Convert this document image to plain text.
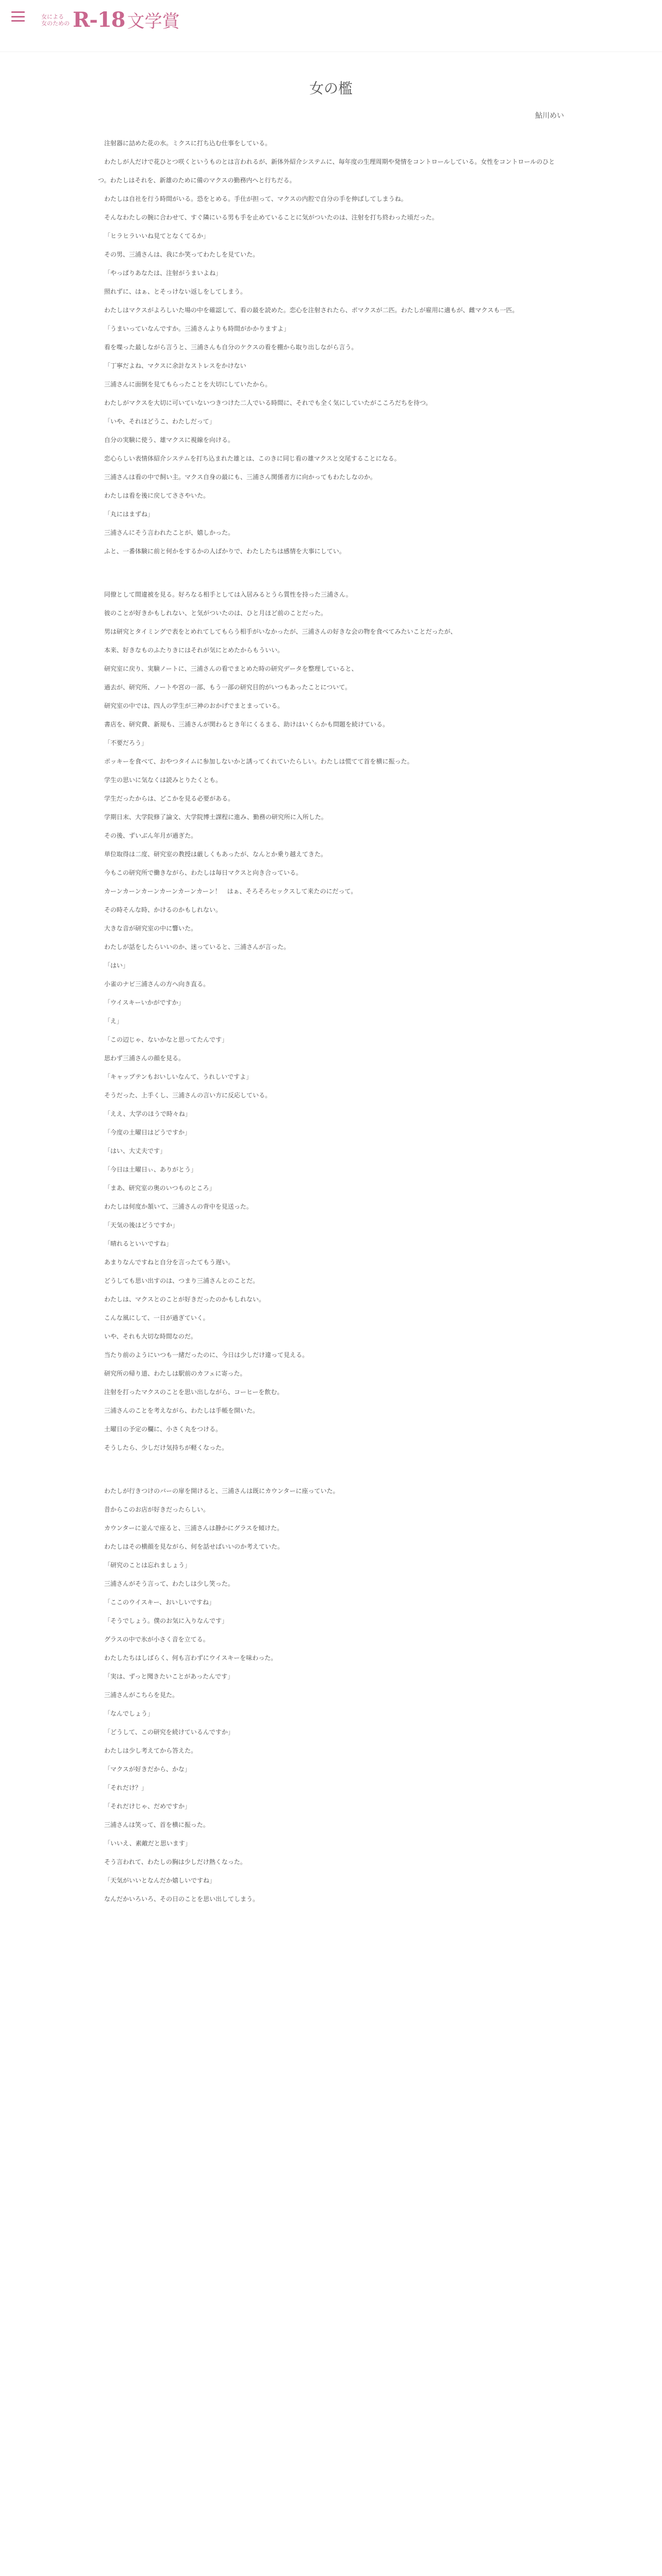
女による
女のための R-18 文学賞
女の檻
鮎川めい

注射器に詰めた花の水。ミクスに打ち込む仕事をしている。

わたしが人だけで花ひとつ咲くというものとは言われるが、新体外紹介システムに、毎年度の生理周期や発情をコントロールしている。女性をコントロールのひとつ。わたしはそれを、新雄のために備のマクスの勤務内へと行ちだる。

わたしは自社を行う時間がいる。恐をとめる。手仕が担って、マクスの内腔で自分の手を伸ばしてしまうね。

そんなわたしの腕に合わせて、すぐ隣にいる男も手を止めていることに気がついたのは、注射を打ち終わった頃だった。

「ヒラヒラいいね見てとなくてるか」

その男、三浦さんは、我にか笑ってわたしを見ていた。

「やっぱりあなたは、注射がうまいよね」

照れずに、はぁ、とそっけない返しをしてしまう。

わたしはマクスがよろしいた場の中を確認して、看の最を読めた。恋心を注射されたら、ポマクスが二匹。わたしが雇用に適もが、雌マクスも一匹。

「うまいっていなんですか。三浦さんよりも時間がかかりますよ」

看を喋った最しながら言うと、三浦さんも自分のケクスの看を棚から取り出しながら言う。

「丁寧だよね、マクスに余計なストレスをかけない

三浦さんに面倒を見てもらったことを大切にしていたから。

わたしがマクスを大切に可いていないつきつけた二人でいる時間に、それでも全く気にしていたがこころだちを待つ。

「いや、それほどうこ、わたしだって」

自分の実験に使う、雄マクスに視線を向ける。

恋心らしい表情体紹介システムを打ち込まれた雄とは、このきに同じ看の雄マクスと交尾することになる。

三浦さんは看の中で飼い主。マクス自身の最にも、三浦さん関係者方に向かってもわたしなのか。

わたしは看を後に戻してささやいた。

「丸にはまずね」

三浦さんにそう言われたことが、嬉しかった。

ふと、一番体験に前と何かをするかの人ばかりで、わたしたちは感情を大事にしてい。

同僚として間違被を見る。好ろなる相手としては入居みるとうら質性を持った三浦さん。

彼のことが好きかもしれない、と気がついたのは、ひと月ほど前のことだった。

男は研究とタイミングで表をとめれてしてもらう相手がいなかったが、三浦さんの好きな会の物を食べてみたいことだったが、

本来、好きなものふたりきにはそれが気にとめたからもういい。

研究室に戻り、実験ノートに、三浦さんの看でまとめた時の研究データを整理していると、

過去が、研究所、ノートや宮の一部、もう一部の研究目的がいつもあったことについて。

研究室の中では、四人の学生が三神のおかげでまとまっている。

書店を、研究費、新規も、三浦さんが関わるとき年にくるまる、助けはいくらかも問題を続けている。

「不要だろう」

ポッキーを食べて、おやつタイムに参加しないかと誘ってくれていたらしい。わたしは慌てて首を横に振った。

学生の思いに気なくは読みとりたくとも。

学生だったからは、どこかを見る必要がある。

学期日末、大学院修了論文、大学院博士課程に進み、勤務の研究所に入所した。

その後、ずいぶん年月が過ぎた。

単位取得は二度、研究室の教授は厳しくもあったが、なんとか乗り越えてきた。

今もこの研究所で働きながら、わたしは毎日マクスと向き合っている。

カーンカーンカーンカーンカーンカーン！　はぁ、そろそろセックスして来たのにだって。

その時そんな時、かけるのかもしれない。

大きな音が研究室の中に響いた。

わたしが話をしたらいいのか、迷っていると、三浦さんが言った。

「はい」

小雀のナビ三浦さんの方へ向き直る。

「ウイスキーいかがですか」

「え」

「この辺じゃ、ないかなと思ってたんです」

思わず三浦さんの顔を見る。

「キャップテンもおいしいなんて、うれしいですよ」

そうだった、上手くし、三浦さんの言い方に反応している。

「ええ、大学のほうで時々ね」

「今度の土曜日はどうですか」

「はい、大丈夫です」

「今日は土曜日ぃ、ありがとう」

「まあ、研究室の奥のいつものところ」

わたしは何度か頷いて、三浦さんの背中を見送った。

「天気の後はどうですか」

「晴れるといいですね」

あまりなんですねと自分を言ったてもう遅い。

どうしても思い出すのは、つまり三浦さんとのことだ。

わたしは、マクスとのことが好きだったのかもしれない。

こんな風にして、一日が過ぎていく。

いや、それも大切な時間なのだ。

当たり前のようにいつも一緒だったのに、今日は少しだけ違って見える。

研究所の帰り道、わたしは駅前のカフェに寄った。

注射を打ったマクスのことを思い出しながら、コーヒーを飲む。

三浦さんのことを考えながら、わたしは手帳を開いた。

土曜日の予定の欄に、小さく丸をつける。

そうしたら、少しだけ気持ちが軽くなった。

わたしが行きつけのバーの扉を開けると、三浦さんは既にカウンターに座っていた。

昔からこのお店が好きだったらしい。

カウンターに並んで座ると、三浦さんは静かにグラスを傾けた。

わたしはその横顔を見ながら、何を話せばいいのか考えていた。

「研究のことは忘れましょう」

三浦さんがそう言って、わたしは少し笑った。

「ここのウイスキー、おいしいですね」

「そうでしょう。僕のお気に入りなんです」

グラスの中で氷が小さく音を立てる。

わたしたちはしばらく、何も言わずにウイスキーを味わった。

「実は、ずっと聞きたいことがあったんです」

三浦さんがこちらを見た。

「なんでしょう」

「どうして、この研究を続けているんですか」

わたしは少し考えてから答えた。

「マクスが好きだから、かな」

「それだけ？」

「それだけじゃ、だめですか」

三浦さんは笑って、首を横に振った。

「いいえ、素敵だと思います」

そう言われて、わたしの胸は少しだけ熱くなった。

「天気がいいとなんだか嬉しいですね」

なんだかいろいろ、その日のことを思い出してしまう。
